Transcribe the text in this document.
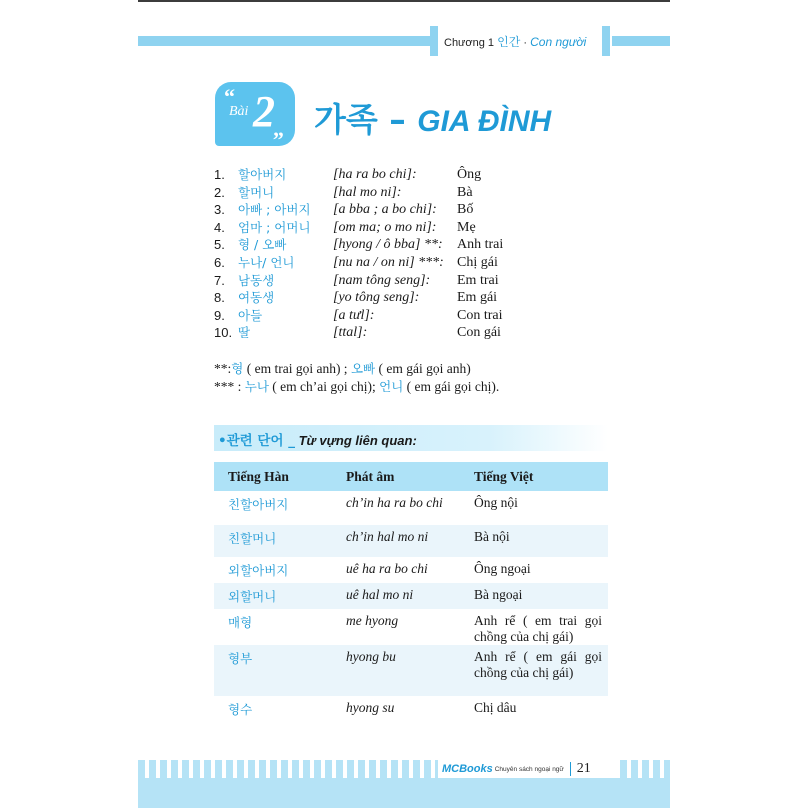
Chương 1 인간 · Con người
“
Bài 2
„ 가족 – GIA ĐÌNH
1. 할아버지	[ha ra bo chi]:	Ông
2. 할머니	[hal mo ni]:	Bà
3. 아빠 ; 아버지 [a bba ; a bo chi]: Bố
4. 엄마 ; 어머니 [om ma; o mo ni]: Mẹ
5. 형 / 오빠	[hyong / ô bba] **: Anh trai
6. 누나/ 언니	[nu na / on ni] ***: Chị gái
7. 남동생	[nam tông seng]: Em trai
8. 여동생	[yo tông seng]:	Em gái
9. 아들	[a tưl]:	Con trai
10. 딸	[ttal]:	Con gái
**:형 ( em trai gọi anh) ; 오빠 ( em gái gọi anh)
*** : 누나 ( em ch’ai gọi chị); 언니 ( em gái gọi chị).
•관련 단어 _ Từ vựng liên quan:
Tiếng Hàn	Phát âm	Tiếng Việt
친할아버지	ch’in ha ra bo chi	Ông nội
친할머니	ch’in hal mo ni	Bà nội
외할아버지	uê ha ra bo chi	Ông ngoại
외할머니	uê hal mo ni	Bà ngoại
매형	me hyong	Anh rể ( em trai gọi chồng của chị gái)
형부	hyong bu	Anh rể ( em gái gọi chồng của chị gái)
형수	hyong su	Chị dâu
MCBooks Chuyên sách ngoại ngữ 21
